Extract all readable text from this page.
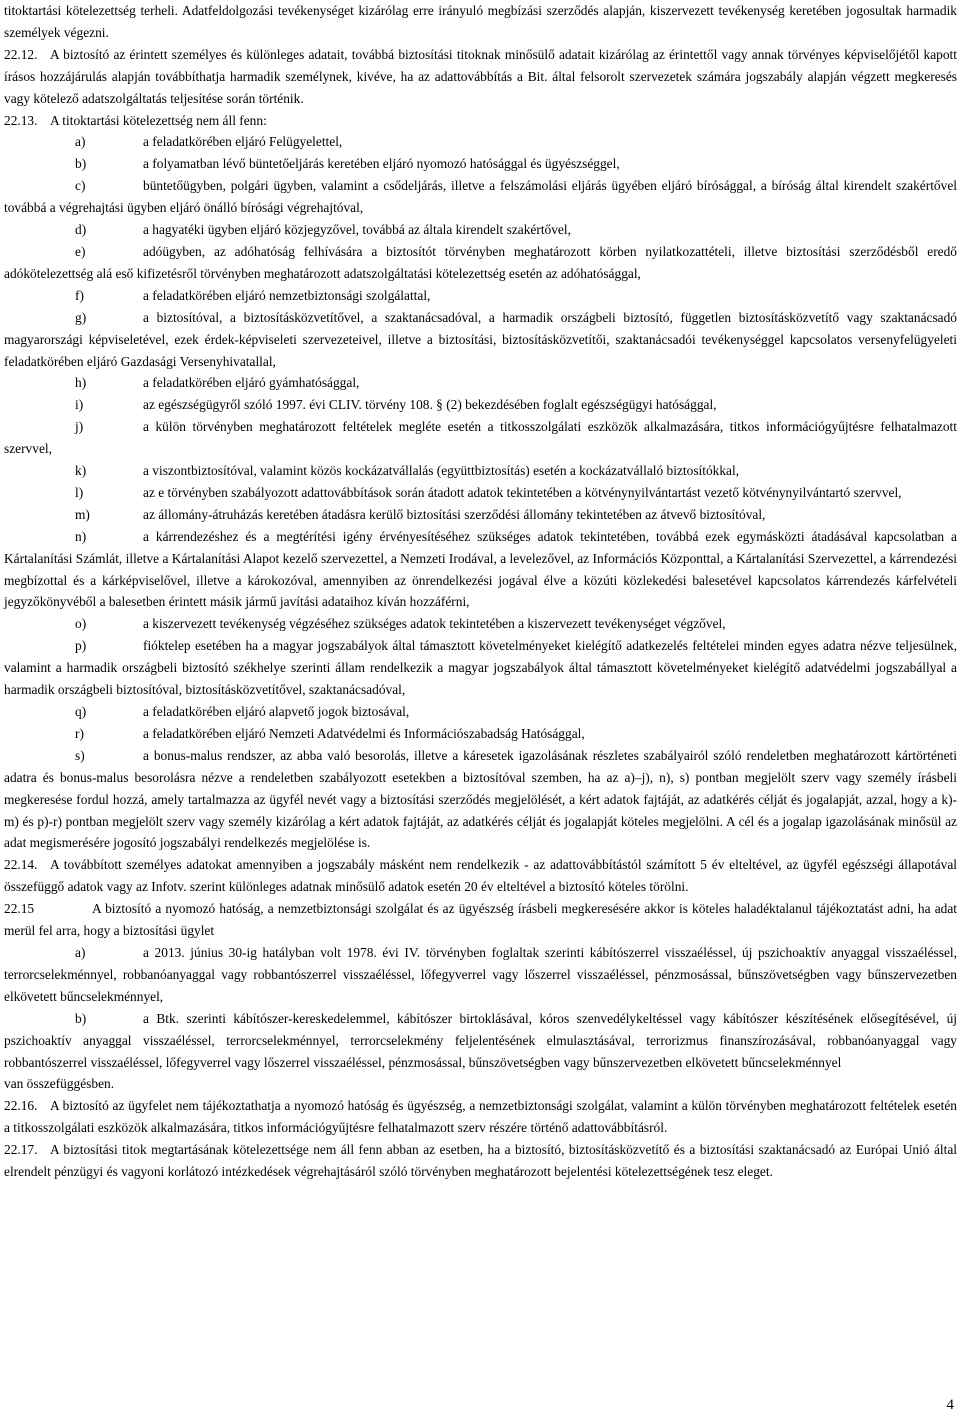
titoktartási kötelezettség terheli. Adatfeldolgozási tevékenységet kizárólag erre irányuló megbízási szerződés alapján, kiszervezett tevékenység keretében jogosultak harmadik személyek végezni.

22.12. A biztosító az érintett személyes és különleges adatait, továbbá biztosítási titoknak minősülő adatait kizárólag az érintettől vagy annak törvényes képviselőjétől kapott írásos hozzájárulás alapján továbbíthatja harmadik személynek, kivéve, ha az adattovábbítás a Bit. által felsorolt szervezetek számára jogszabály alapján végzett megkeresés vagy kötelező adatszolgáltatás teljesítése során történik.

22.13. A titoktartási kötelezettség nem áll fenn:

a)	a feladatkörében eljáró Felügyelettel,

b)	a folyamatban lévő büntetőeljárás keretében eljáró nyomozó hatósággal és ügyészséggel,

c)	büntetőügyben, polgári ügyben, valamint a csődeljárás, illetve a felszámolási eljárás ügyében eljáró bírósággal, a bíróság által kirendelt szakértővel továbbá a végrehajtási ügyben eljáró önálló bírósági végrehajtóval,

d)	a hagyatéki ügyben eljáró közjegyzővel, továbbá az általa kirendelt szakértővel,

e)	adóügyben, az adóhatóság felhívására a biztosítót törvényben meghatározott körben nyilatkozattételi, illetve biztosítási szerződésből eredő adókötelezettség alá eső kifizetésről törvényben meghatározott adatszolgáltatási kötelezettség esetén az adóhatósággal,

f)	a feladatkörében eljáró nemzetbiztonsági szolgálattal,

g)	a biztosítóval, a biztosításközvetítővel, a szaktanácsadóval, a harmadik országbeli biztosító, független biztosításközvetítő vagy szaktanácsadó magyarországi képviseletével, ezek érdek-képviseleti szervezeteivel, illetve a biztosítási, biztosításközvetítői, szaktanácsadói tevékenységgel kapcsolatos versenyfelügyeleti feladatkörében eljáró Gazdasági Versenyhivatallal,

h)	a feladatkörében eljáró gyámhatósággal,

i)	az egészségügyről szóló 1997. évi CLIV. törvény 108. § (2) bekezdésében foglalt egészségügyi hatósággal,

j)	a külön törvényben meghatározott feltételek megléte esetén a titkosszolgálati eszközök alkalmazására, titkos információgyűjtésre felhatalmazott szervvel,

k)	a viszontbiztosítóval, valamint közös kockázatvállalás (együttbiztosítás) esetén a kockázatvállaló biztosítókkal,

l)	az e törvényben szabályozott adattovábbítások során átadott adatok tekintetében a kötvénynyilvántartást vezető kötvénynyilvántartó szervvel,

m)	az állomány-átruházás keretében átadásra kerülő biztosítási szerződési állomány tekintetében az átvevő biztosítóval,

n)	a kárrendezéshez és a megtérítési igény érvényesítéséhez szükséges adatok tekintetében, továbbá ezek egymásközti átadásával kapcsolatban a Kártalanítási Számlát, illetve a Kártalanítási Alapot kezelő szervezettel, a Nemzeti Irodával, a levelezővel, az Információs Központtal, a Kártalanítási Szervezettel, a kárrendezési megbízottal és a kárképviselővel, illetve a károkozóval, amennyiben az önrendelkezési jogával élve a közúti közlekedési balesetével kapcsolatos kárrendezés kárfelvételi jegyzőkönyvéből a balesetben érintett másik jármű javítási adataihoz kíván hozzáférni,

o)	a kiszervezett tevékenység végzéséhez szükséges adatok tekintetében a kiszervezett tevékenységet végzővel,

p)	fióktelep esetében ha a magyar jogszabályok által támasztott követelményeket kielégítő adatkezelés feltételei minden egyes adatra nézve teljesülnek, valamint a harmadik országbeli biztosító székhelye szerinti állam rendelkezik a magyar jogszabályok által támasztott követelményeket kielégítő adatvédelmi jogszabállyal a harmadik országbeli biztosítóval, biztosításközvetítővel, szaktanácsadóval,

q)	a feladatkörében eljáró alapvető jogok biztosával,

r)	a feladatkörében eljáró Nemzeti Adatvédelmi és Információszabadság Hatósággal,

s)	a bonus-malus rendszer, az abba való besorolás, illetve a káresetek igazolásának részletes szabályairól szóló rendeletben meghatározott kártörténeti adatra és bonus-malus besorolásra nézve a rendeletben szabályozott esetekben a biztosítóval szemben, ha az a)–j), n), s) pontban megjelölt szerv vagy személy írásbeli megkeresése fordul hozzá, amely tartalmazza az ügyfél nevét vagy a biztosítási szerződés megjelölését, a kért adatok fajtáját, az adatkérés célját és jogalapját, azzal, hogy a k)-m) és p)-r) pontban megjelölt szerv vagy személy kizárólag a kért adatok fajtáját, az adatkérés célját és jogalapját köteles megjelölni. A cél és a jogalap igazolásának minősül az adat megismerésére jogosító jogszabályi rendelkezés megjelölése is.

22.14. A továbbított személyes adatokat amennyiben a jogszabály másként nem rendelkezik - az adattovábbítástól számított 5 év elteltével, az ügyfél egészségi állapotával összefüggő adatok vagy az Infotv. szerint különleges adatnak minősülő adatok esetén 20 év elteltével a biztosító köteles törölni.

22.15	A biztosító a nyomozó hatóság, a nemzetbiztonsági szolgálat és az ügyészség írásbeli megkeresésére akkor is köteles haladéktalanul tájékoztatást adni, ha adat merül fel arra, hogy a biztosítási ügylet

a)	a 2013. június 30-ig hatályban volt 1978. évi IV. törvényben foglaltak szerinti kábítószerrel visszaéléssel, új pszichoaktív anyaggal visszaéléssel, terrorcselekménnyel, robbanóanyaggal vagy robbantószerrel visszaéléssel, lőfegyverrel vagy lőszerrel visszaéléssel, pénzmosással, bűnszövetségben vagy bűnszervezetben elkövetett bűncselekménnyel,

b)	a Btk. szerinti kábítószer-kereskedelemmel, kábítószer birtoklásával, kóros szenvedélykeltéssel vagy kábítószer készítésének elősegítésével, új pszichoaktív anyaggal visszaéléssel, terrorcselekménnyel, terrorcselekmény feljelentésének elmulasztásával, terrorizmus finanszírozásával, robbanóanyaggal vagy robbantószerrel visszaéléssel, lőfegyverrel vagy lőszerrel visszaéléssel, pénzmosással, bűnszövetségben vagy bűnszervezetben elkövetett bűncselekménnyel

van összefüggésben.

22.16. A biztosító az ügyfelet nem tájékoztathatja a nyomozó hatóság és ügyészség, a nemzetbiztonsági szolgálat, valamint a külön törvényben meghatározott feltételek esetén a titkosszolgálati eszközök alkalmazására, titkos információgyűjtésre felhatalmazott szerv részére történő adattovábbításról.

22.17. A biztosítási titok megtartásának kötelezettsége nem áll fenn abban az esetben, ha a biztosító, biztosításközvetítő és a biztosítási szaktanácsadó az Európai Unió által elrendelt pénzügyi és vagyoni korlátozó intézkedések végrehajtásáról szóló törvényben meghatározott bejelentési kötelezettségének tesz eleget.

4
